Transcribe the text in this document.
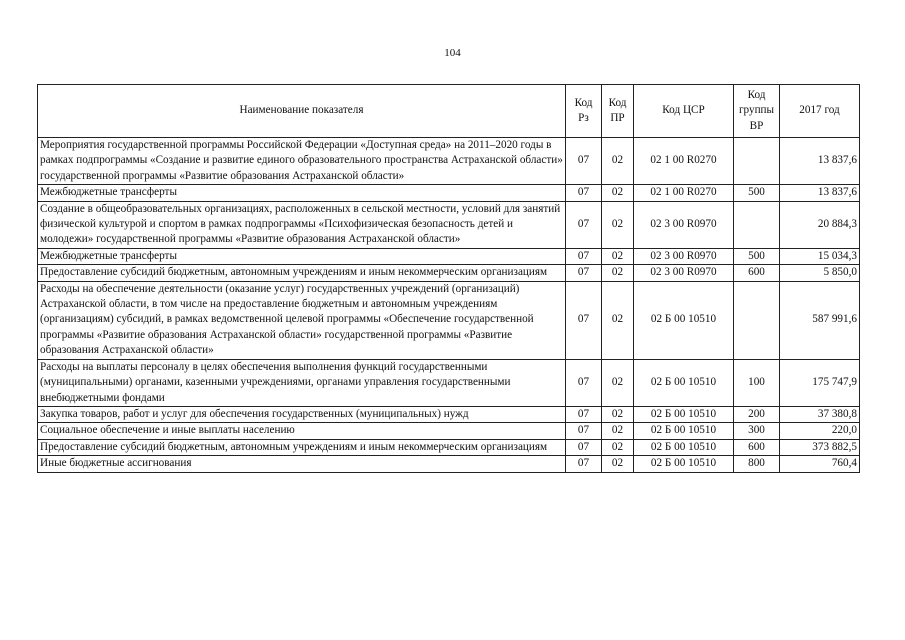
104
Наименование показателя	Код Рз	Код ПР	Код ЦСР	Код группы ВР	2017 год
Мероприятия государственной программы Российской Федерации «Доступная среда» на 2011–2020 годы в рамках подпрограммы «Создание и развитие единого образовательного пространства Астраханской области» государственной программы «Развитие образования Астраханской области»	07	02	02 1 00 R0270		13 837,6
Межбюджетные трансферты	07	02	02 1 00 R0270	500	13 837,6
Создание в общеобразовательных организациях, расположенных в сельской местности, условий для занятий физической культурой и спортом в рамках подпрограммы «Психофизическая безопасность детей и молодежи» государственной программы «Развитие образования Астраханской области»	07	02	02 3 00 R0970		20 884,3
Межбюджетные трансферты	07	02	02 3 00 R0970	500	15 034,3
Предоставление субсидий бюджетным, автономным учреждениям и иным некоммерческим организациям	07	02	02 3 00 R0970	600	5 850,0
Расходы на обеспечение деятельности (оказание услуг) государственных учреждений (организаций) Астраханской области, в том числе на предоставление бюджетным и автономным учреждениям (организациям) субсидий, в рамках ведомственной целевой программы «Обеспечение государственной программы «Развитие образования Астраханской области» государственной программы «Развитие образования Астраханской области»	07	02	02 Б 00 10510		587 991,6
Расходы на выплаты персоналу в целях обеспечения выполнения функций государственными (муниципальными) органами, казенными учреждениями, органами управления государственными внебюджетными фондами	07	02	02 Б 00 10510	100	175 747,9
Закупка товаров, работ и услуг для обеспечения государственных (муниципальных) нужд	07	02	02 Б 00 10510	200	37 380,8
Социальное обеспечение и иные выплаты населению	07	02	02 Б 00 10510	300	220,0
Предоставление субсидий бюджетным, автономным учреждениям и иным некоммерческим организациям	07	02	02 Б 00 10510	600	373 882,5
Иные бюджетные ассигнования	07	02	02 Б 00 10510	800	760,4
